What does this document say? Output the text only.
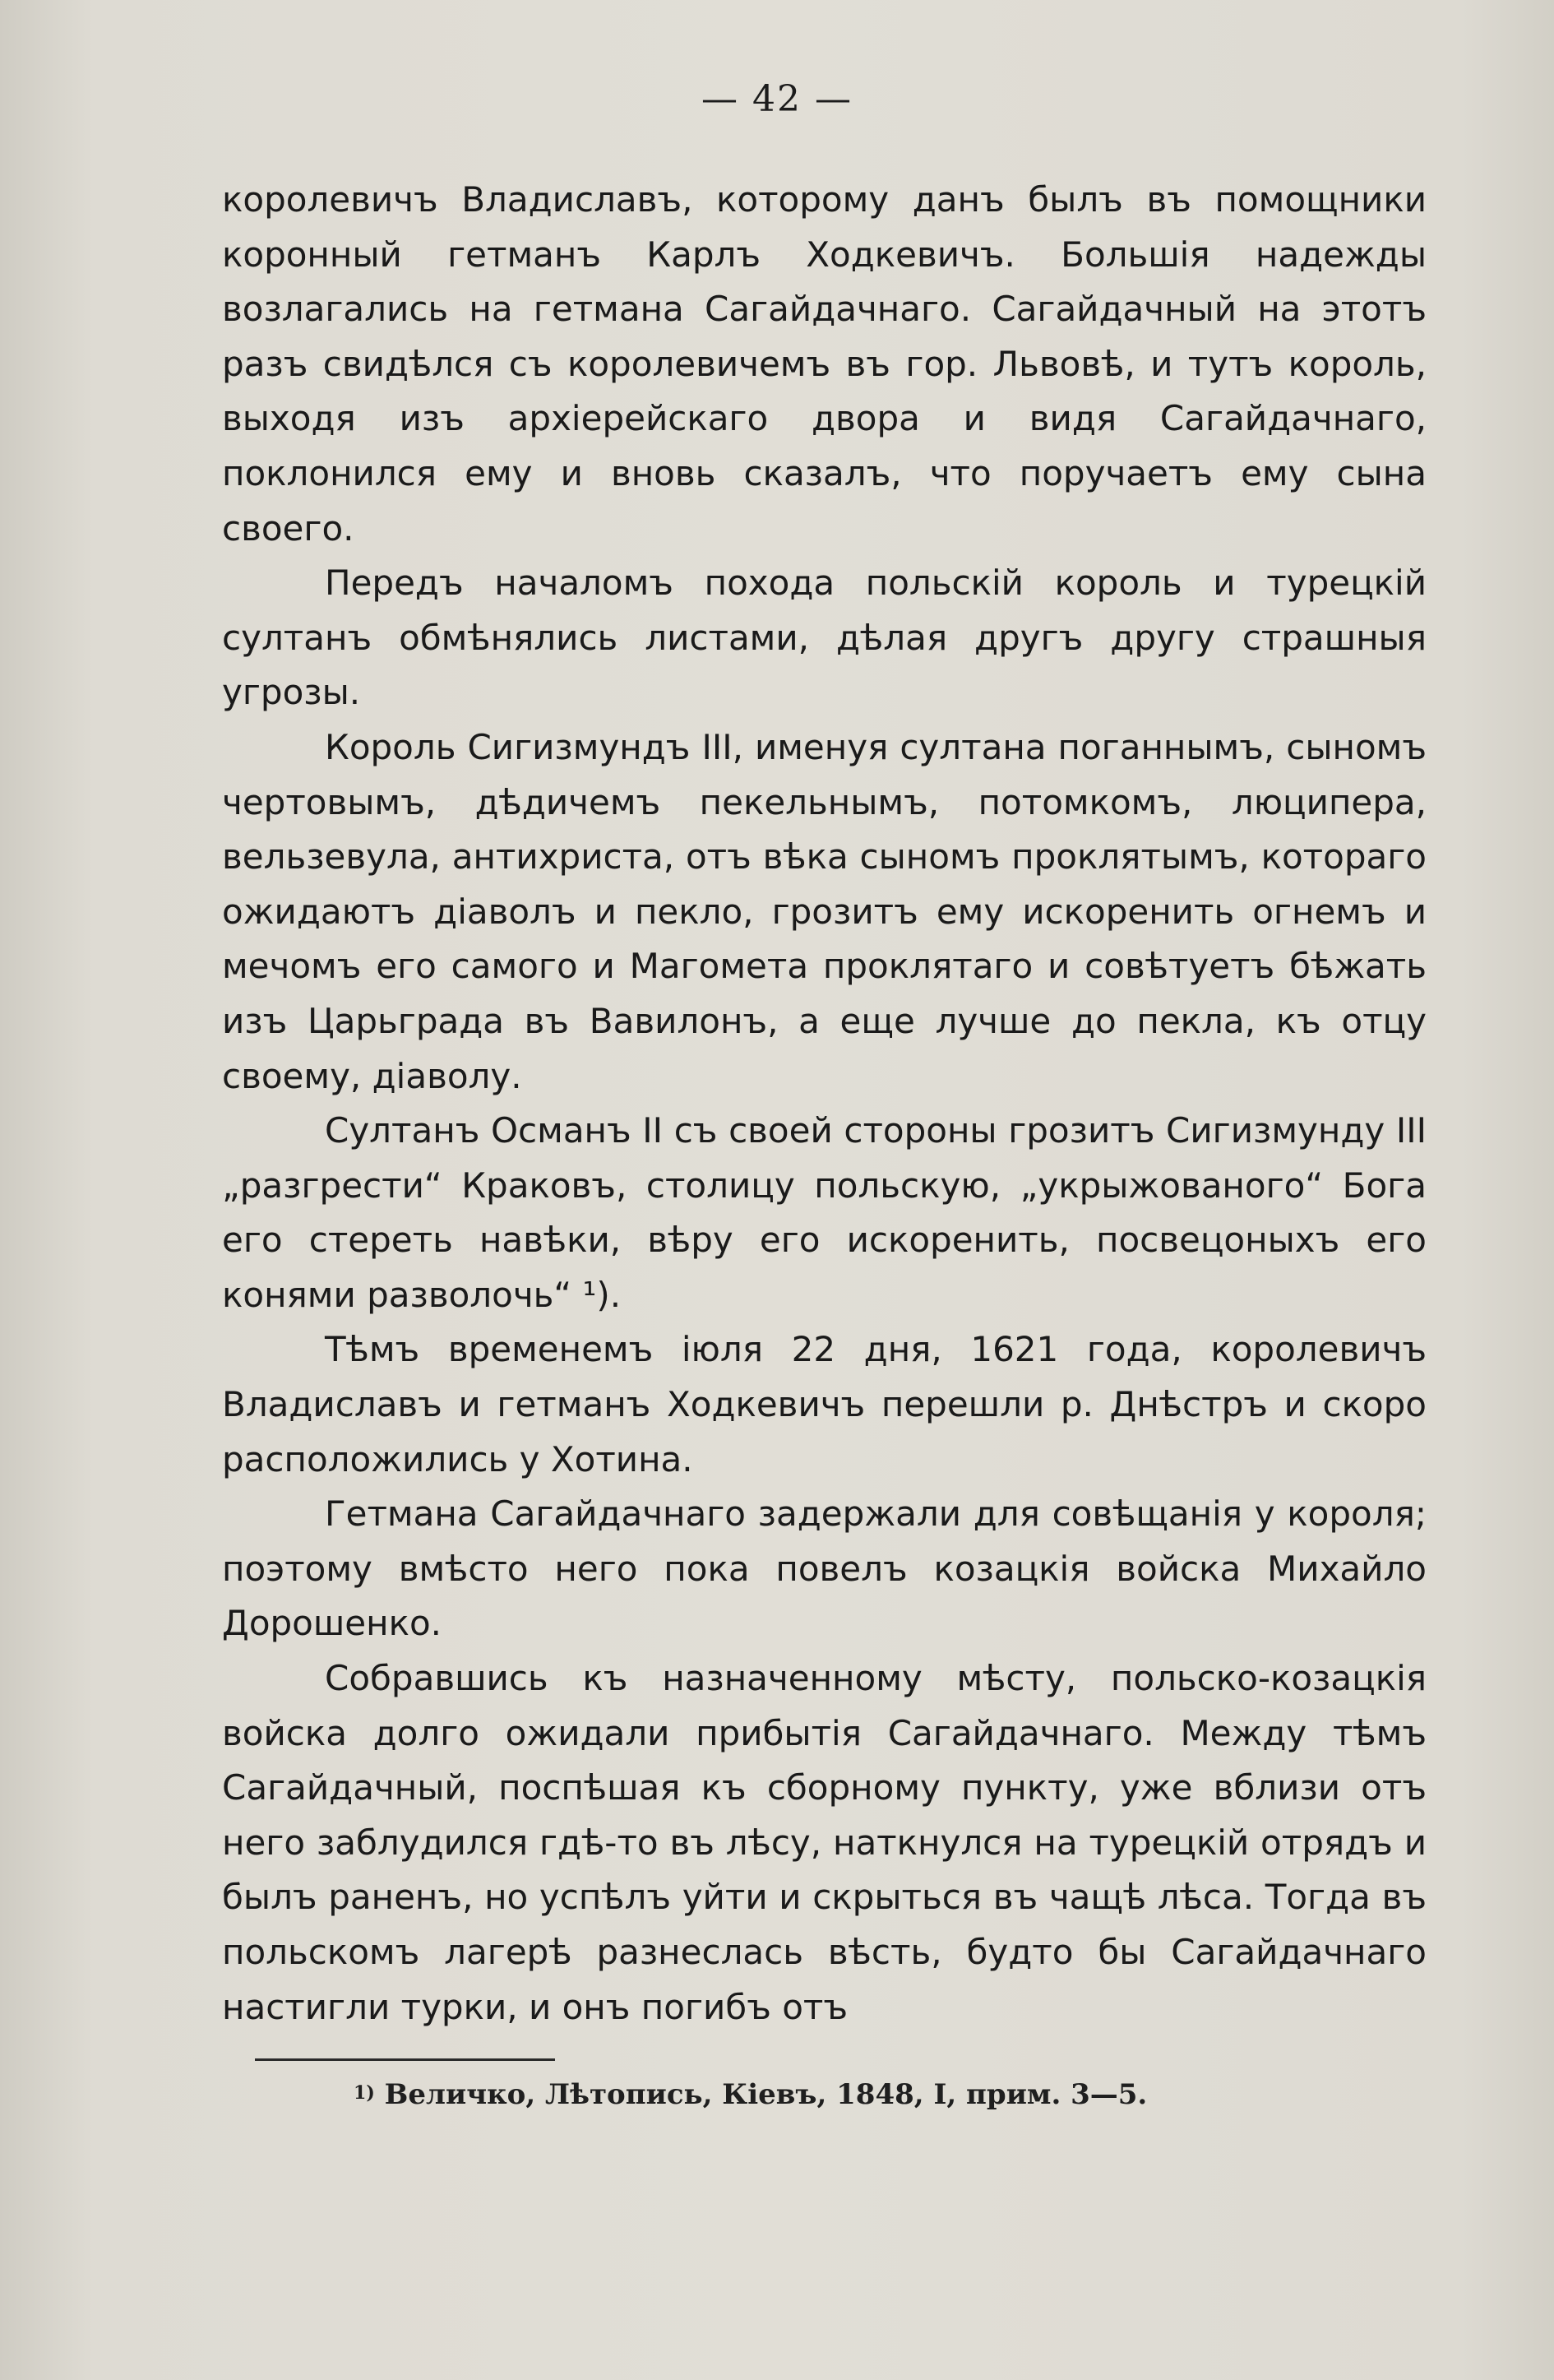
— 42 —

королевичъ Владиславъ, которому данъ былъ въ помощники коронный гетманъ Карлъ Ходкевичъ. Большія надежды возлагались на гетмана Сагайдачнаго. Сагайдачный на этотъ разъ свидѣлся съ королевичемъ въ гор. Львовѣ, и тутъ король, выходя изъ архіерейскаго двора и видя Сагайдачнаго, поклонился ему и вновь сказалъ, что поручаетъ ему сына своего.

Передъ началомъ похода польскій король и турецкій султанъ обмѣнялись листами, дѣлая другъ другу страшныя угрозы.

Король Сигизмундъ III, именуя султана поганнымъ, сыномъ чертовымъ, дѣдичемъ пекельнымъ, потомкомъ, люципера, вельзевула, антихриста, отъ вѣка сыномъ проклятымъ, котораго ожидаютъ діаволъ и пекло, грозитъ ему искоренить огнемъ и мечомъ его самого и Магомета проклятаго и совѣтуетъ бѣжать изъ Царьграда въ Вавилонъ, а еще лучше до пекла, къ отцу своему, діаволу.

Султанъ Османъ II съ своей стороны грозитъ Сигизмунду III „разгрести“ Краковъ, столицу польскую, „укрыжованого“ Бога его стереть навѣки, вѣру его искоренить, посвецоныхъ его конями разволочь“ ¹).

Тѣмъ временемъ іюля 22 дня, 1621 года, королевичъ Владиславъ и гетманъ Ходкевичъ перешли р. Днѣстръ и скоро расположились у Хотина.

Гетмана Сагайдачнаго задержали для совѣщанія у короля; поэтому вмѣсто него пока повелъ козацкія войска Михайло Дорошенко.

Собравшись къ назначенному мѣсту, польско-козацкія войска долго ожидали прибытія Сагайдачнаго. Между тѣмъ Сагайдачный, поспѣшая къ сборному пункту, уже вблизи отъ него заблудился гдѣ-то въ лѣсу, наткнулся на турецкій отрядъ и былъ раненъ, но успѣлъ уйти и скрыться въ чащѣ лѣса. Тогда въ польскомъ лагерѣ разнеслась вѣсть, будто бы Сагайдачнаго настигли турки, и онъ погибъ отъ

1) Величко, Лѣтопись, Кіевъ, 1848, I, прим. 3—5.
